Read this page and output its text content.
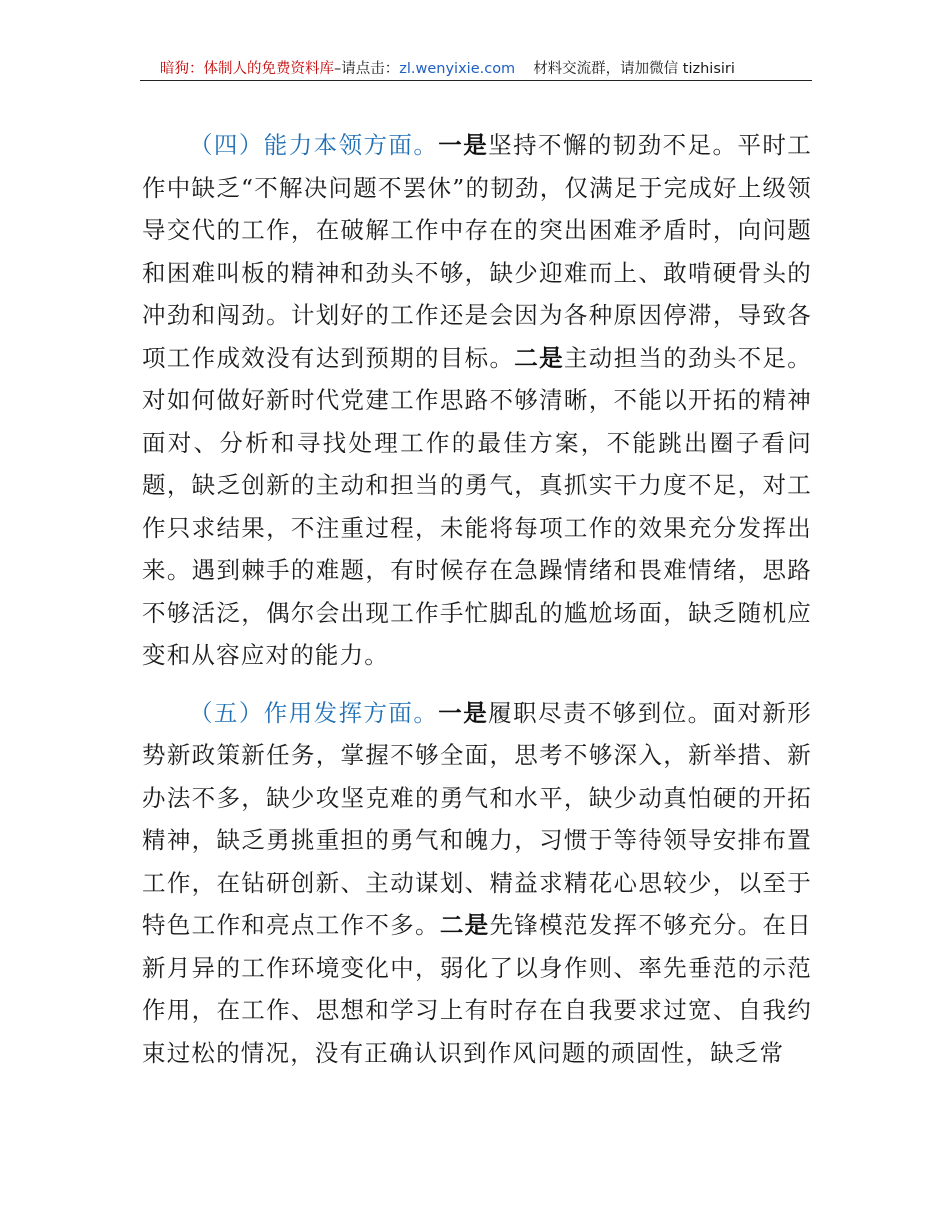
暗狗：体制人的免费资料库–请点击：zl.wenyixie.com 材料交流群，请加微信 tizhisiri

（四）能力本领方面。一是坚持不懈的韧劲不足。平时工作中缺乏“不解决问题不罢休”的韧劲，仅满足于完成好上级领导交代的工作，在破解工作中存在的突出困难矛盾时，向问题和困难叫板的精神和劲头不够，缺少迎难而上、敢啃硬骨头的冲劲和闯劲。计划好的工作还是会因为各种原因停滞，导致各项工作成效没有达到预期的目标。二是主动担当的劲头不足。对如何做好新时代党建工作思路不够清晰，不能以开拓的精神面对、分析和寻找处理工作的最佳方案，不能跳出圈子看问题，缺乏创新的主动和担当的勇气，真抓实干力度不足，对工作只求结果，不注重过程，未能将每项工作的效果充分发挥出来。遇到棘手的难题，有时候存在急躁情绪和畏难情绪，思路不够活泛，偶尔会出现工作手忙脚乱的尴尬场面，缺乏随机应变和从容应对的能力。

（五）作用发挥方面。一是履职尽责不够到位。面对新形势新政策新任务，掌握不够全面，思考不够深入，新举措、新办法不多，缺少攻坚克难的勇气和水平，缺少动真怕硬的开拓精神，缺乏勇挑重担的勇气和魄力，习惯于等待领导安排布置工作，在钻研创新、主动谋划、精益求精花心思较少，以至于特色工作和亮点工作不多。二是先锋模范发挥不够充分。在日新月异的工作环境变化中，弱化了以身作则、率先垂范的示范作用，在工作、思想和学习上有时存在自我要求过宽、自我约束过松的情况，没有正确认识到作风问题的顽固性，缺乏常
